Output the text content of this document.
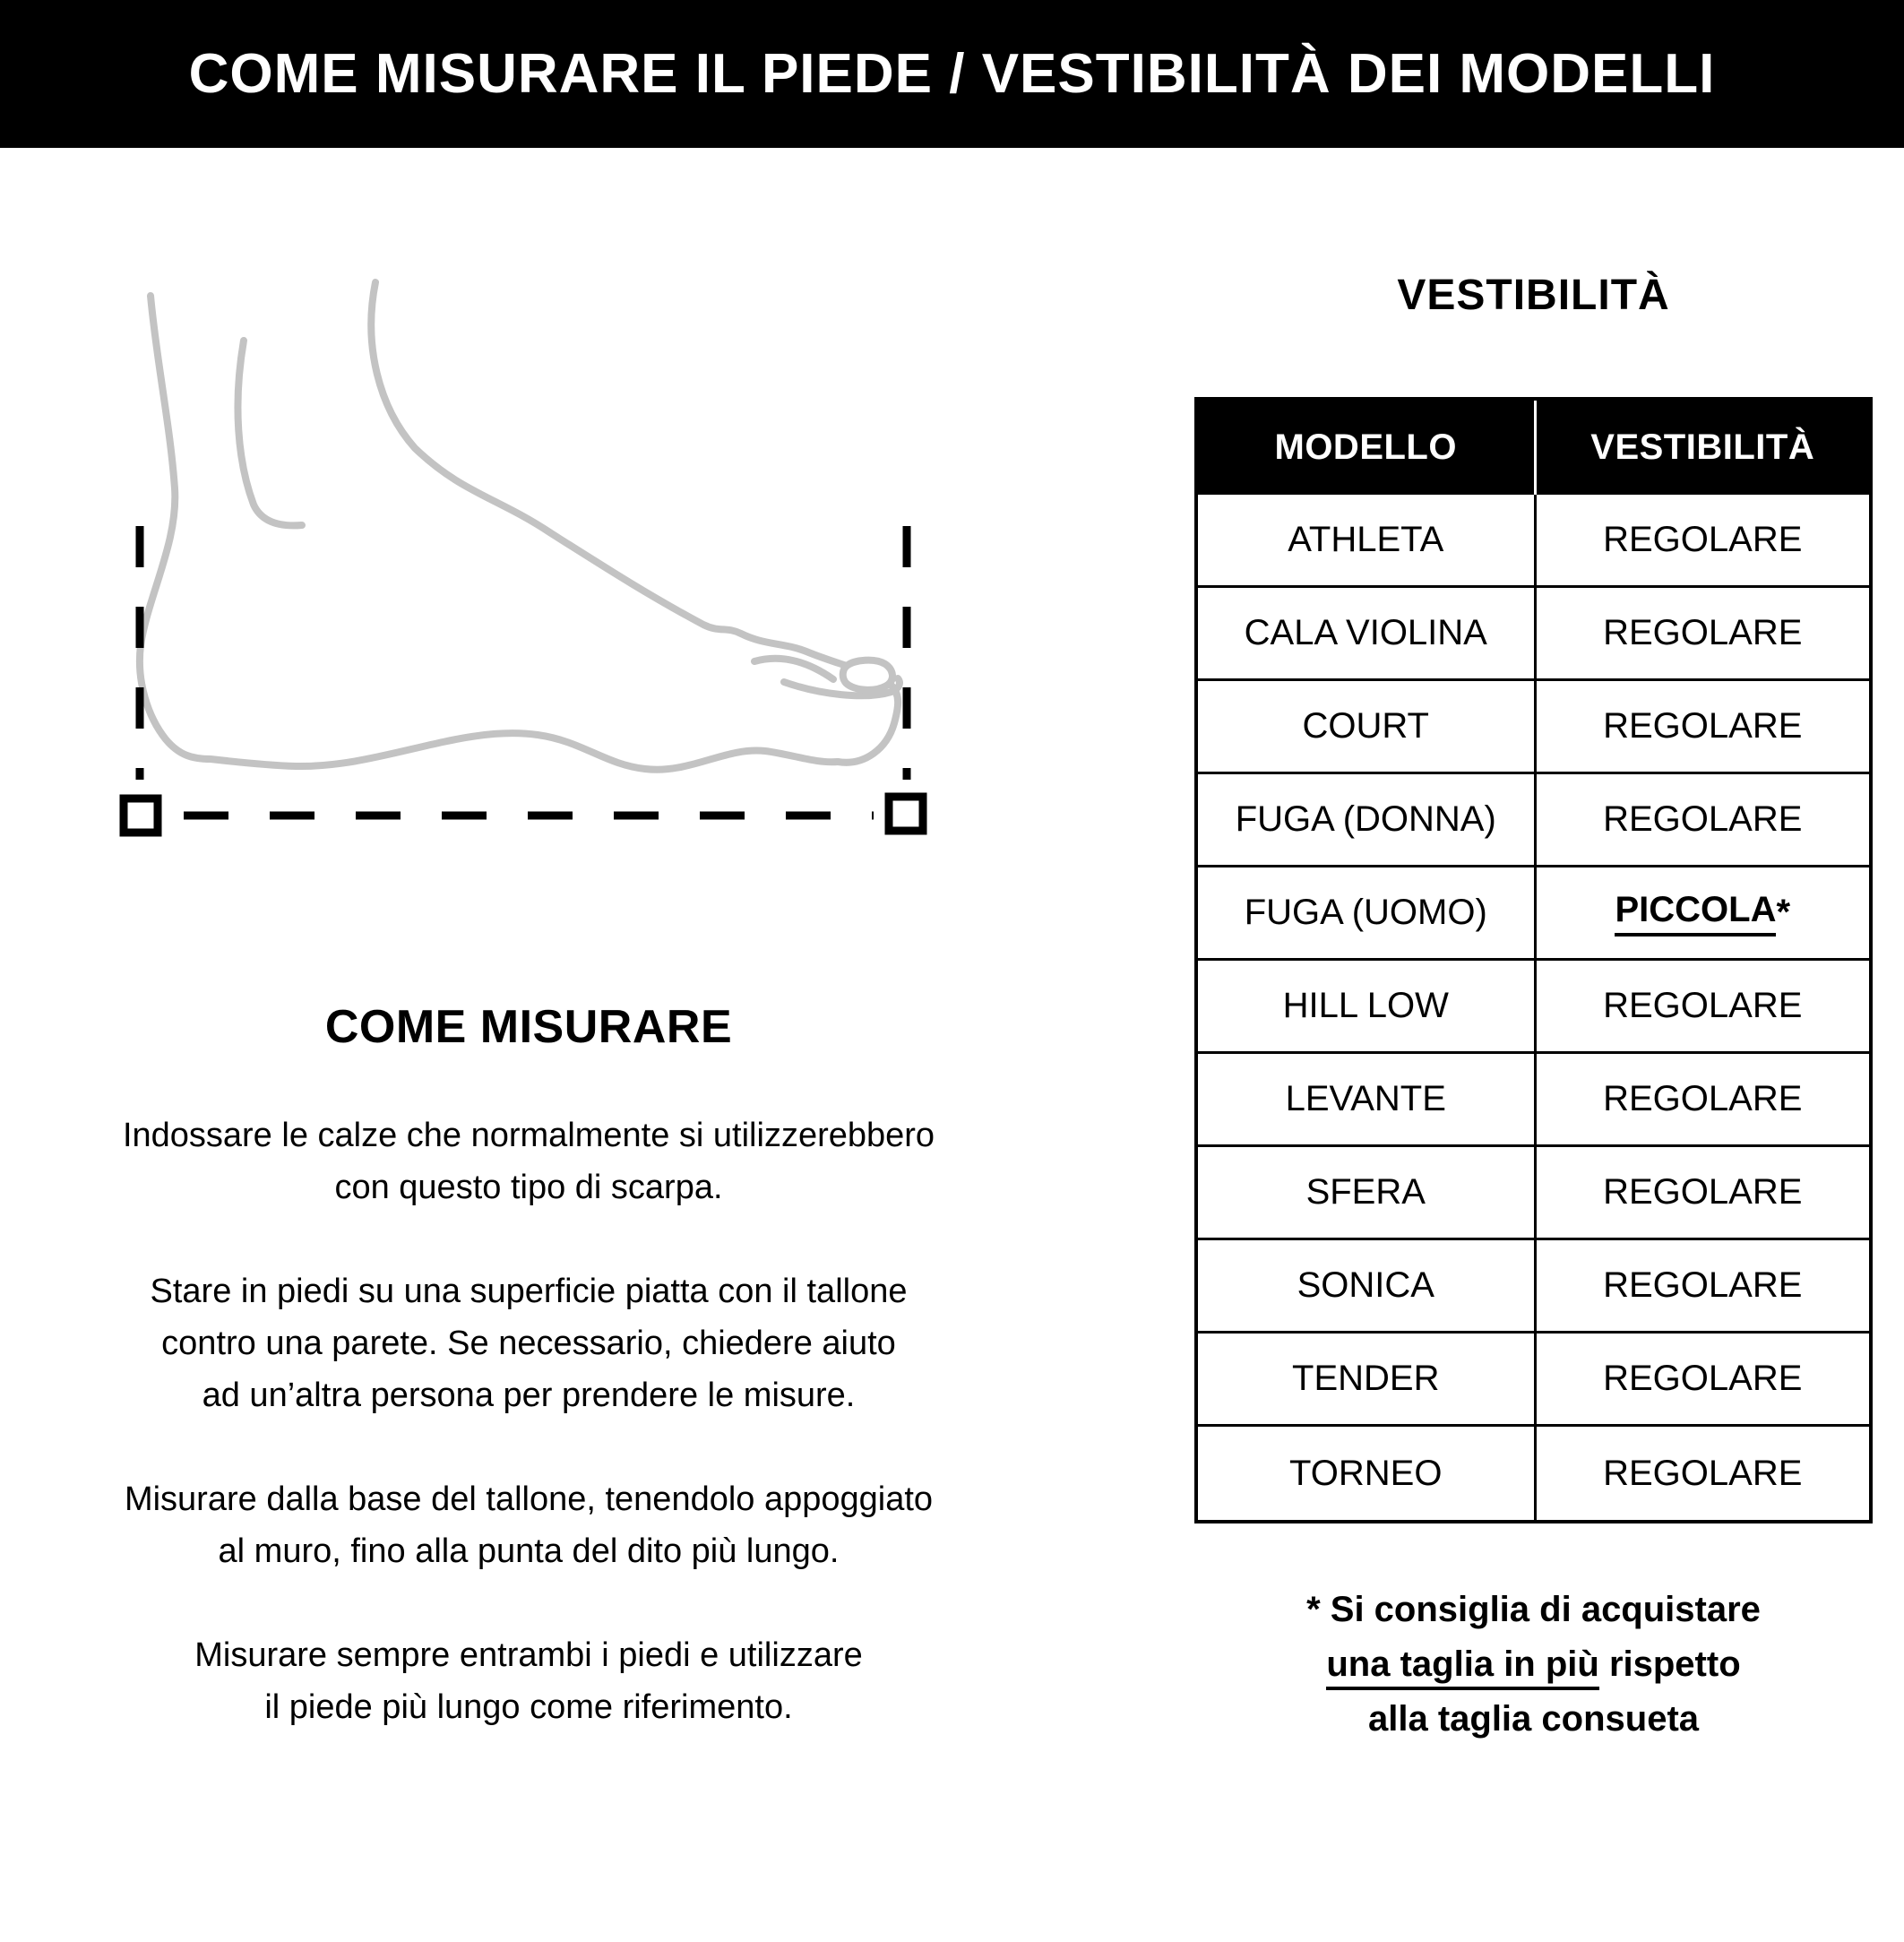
COME MISURARE IL PIEDE / VESTIBILITÀ DEI MODELLI
COME MISURARE
Indossare le calze che normalmente si utilizzerebbero
con questo tipo di scarpa.
Stare in piedi su una superficie piatta con il tallone
contro una parete. Se necessario, chiedere aiuto
ad un’altra persona per prendere le misure.
Misurare dalla base del tallone, tenendolo appoggiato
al muro, fino alla punta del dito più lungo.
Misurare sempre entrambi i piedi e utilizzare
il piede più lungo come riferimento.
VESTIBILITÀ
MODELLO	VESTIBILITÀ
ATHLETA	REGOLARE
CALA VIOLINA	REGOLARE
COURT	REGOLARE
FUGA (DONNA)	REGOLARE
FUGA (UOMO)	PICCOLA *
HILL LOW	REGOLARE
LEVANTE	REGOLARE
SFERA	REGOLARE
SONICA	REGOLARE
TENDER	REGOLARE
TORNEO	REGOLARE

* Si consiglia di acquistare

una taglia in più rispetto

alla taglia consueta
